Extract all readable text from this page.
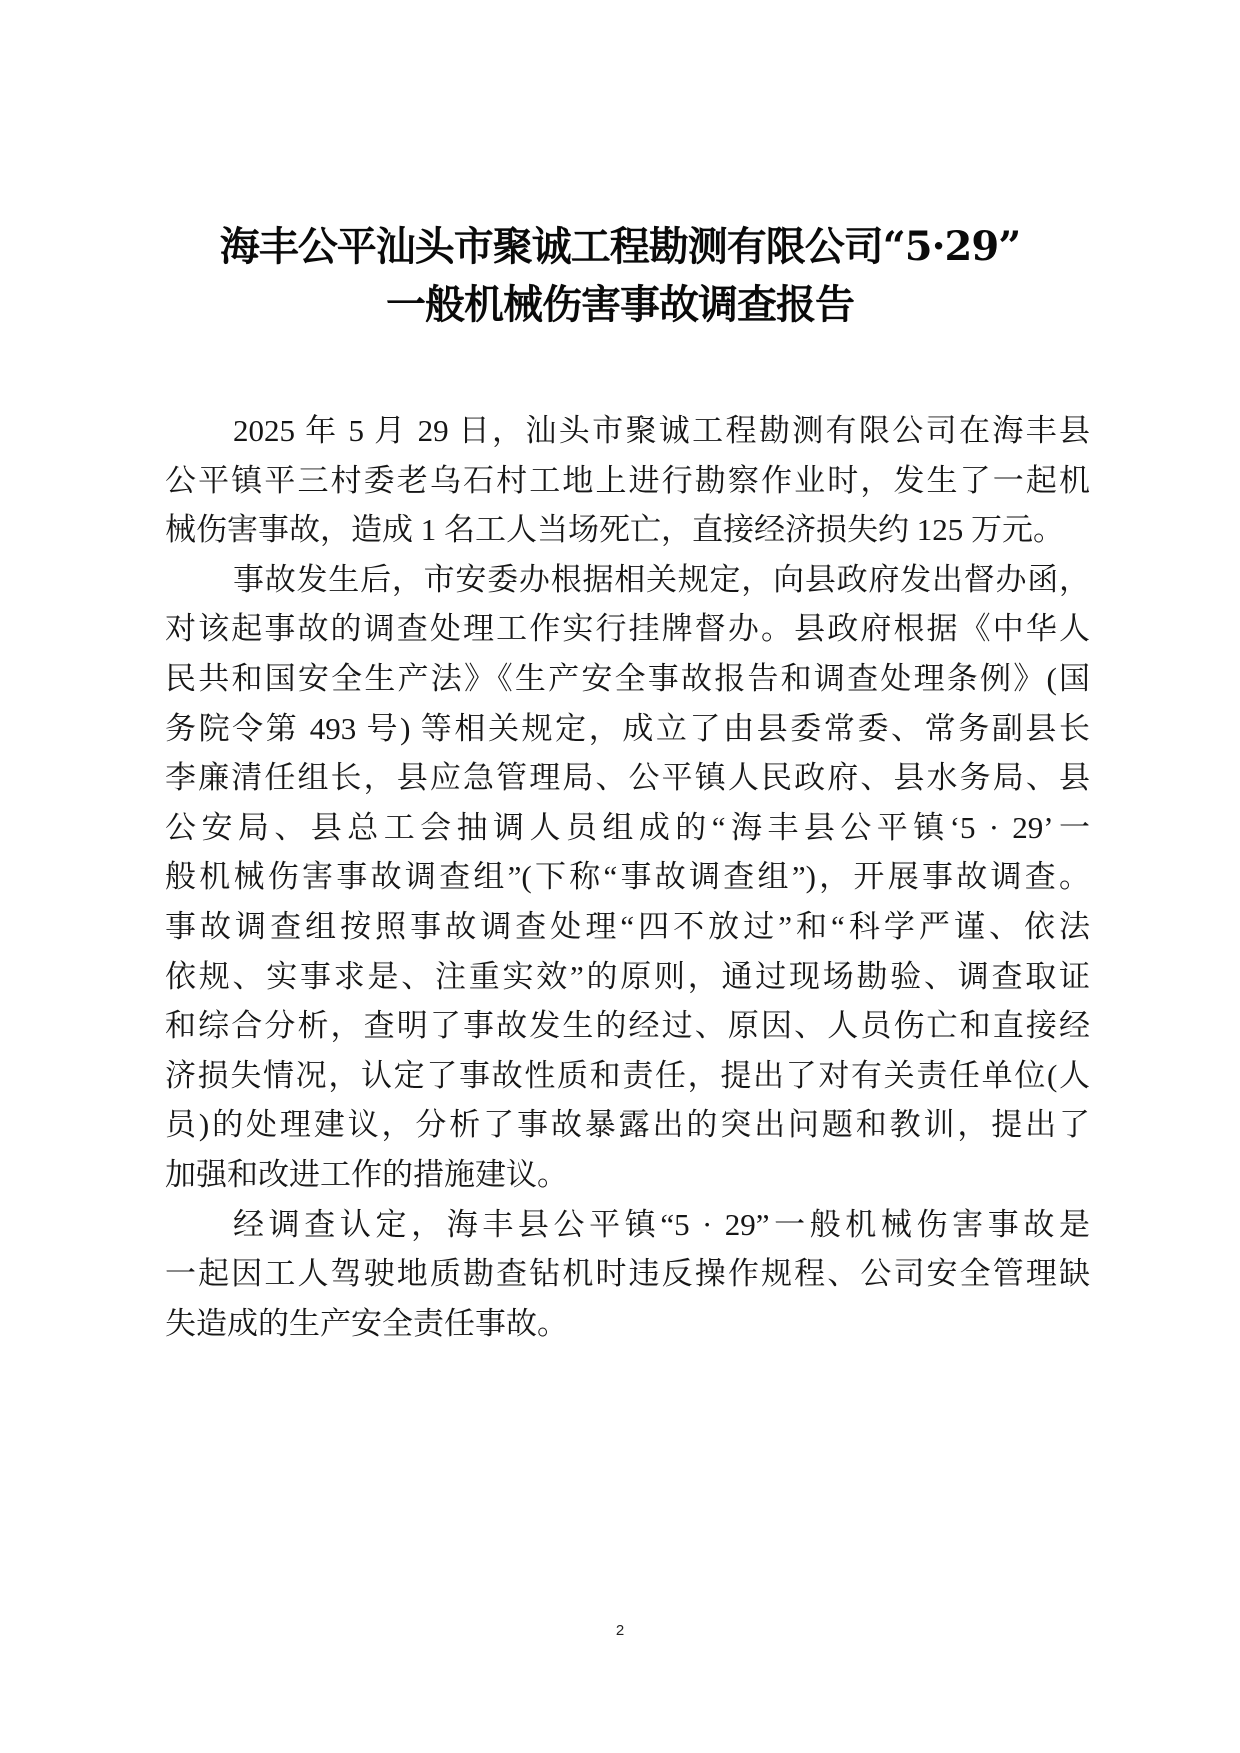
海丰公平汕头市聚诚工程勘测有限公司“5·29”
一般机械伤害事故调查报告
2025 年 5 月 29 日，汕头市聚诚工程勘测有限公司在海丰县
公平镇平三村委老乌石村工地上进行勘察作业时，发生了一起机
械伤害事故，造成 1 名工人当场死亡，直接经济损失约 125 万元。
事故发生后，市安委办根据相关规定，向县政府发出督办函，
对该起事故的调查处理工作实行挂牌督办。县政府根据《中华人
民共和国安全生产法》《生产安全事故报告和调查处理条例》(国
务院令第 493 号) 等相关规定，成立了由县委常委、常务副县长
李廉清任组长，县应急管理局、公平镇人民政府、县水务局、县
公安局、县总工会抽调人员组成的“海丰县公平镇‘5 · 29’一
般机械伤害事故调查组”(下称“事故调查组”)，开展事故调查。
事故调查组按照事故调查处理“四不放过”和“科学严谨、依法
依规、实事求是、注重实效”的原则，通过现场勘验、调查取证
和综合分析，查明了事故发生的经过、原因、人员伤亡和直接经
济损失情况，认定了事故性质和责任，提出了对有关责任单位(人
员)的处理建议，分析了事故暴露出的突出问题和教训，提出了
加强和改进工作的措施建议。
经调查认定，海丰县公平镇“5 · 29”一般机械伤害事故是
一起因工人驾驶地质勘查钻机时违反操作规程、公司安全管理缺
失造成的生产安全责任事故。
2
